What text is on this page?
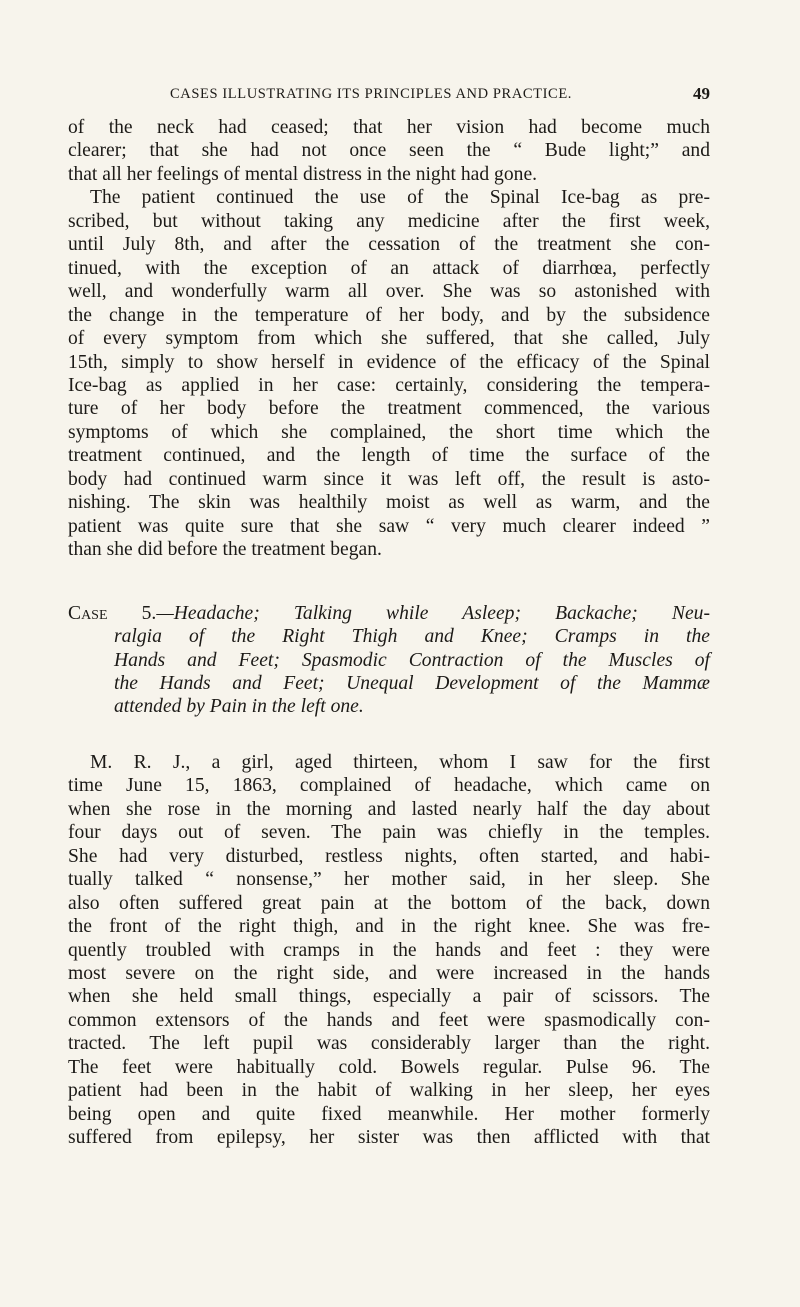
CASES ILLUSTRATING ITS PRINCIPLES AND PRACTICE.	49

of the neck had ceased; that her vision had become much
clearer; that she had not once seen the “ Bude light;” and
that all her feelings of mental distress in the night had gone.

The patient continued the use of the Spinal Ice-bag as pre-
scribed, but without taking any medicine after the first week,
until July 8th, and after the cessation of the treatment she con-
tinued, with the exception of an attack of diarrhœa, perfectly
well, and wonderfully warm all over. She was so astonished with
the change in the temperature of her body, and by the subsidence
of every symptom from which she suffered, that she called, July
15th, simply to show herself in evidence of the efficacy of the Spinal
Ice-bag as applied in her case: certainly, considering the tempera-
ture of her body before the treatment commenced, the various
symptoms of which she complained, the short time which the
treatment continued, and the length of time the surface of the
body had continued warm since it was left off, the result is asto-
nishing. The skin was healthily moist as well as warm, and the
patient was quite sure that she saw “ very much clearer indeed ”
than she did before the treatment began.

Case 5.—Headache; Talking while Asleep; Backache; Neu-
ralgia of the Right Thigh and Knee; Cramps in the
Hands and Feet; Spasmodic Contraction of the Muscles of
the Hands and Feet; Unequal Development of the Mammæ
attended by Pain in the left one.

M. R. J., a girl, aged thirteen, whom I saw for the first
time June 15, 1863, complained of headache, which came on
when she rose in the morning and lasted nearly half the day about
four days out of seven. The pain was chiefly in the temples.
She had very disturbed, restless nights, often started, and habi-
tually talked “ nonsense,” her mother said, in her sleep. She
also often suffered great pain at the bottom of the back, down
the front of the right thigh, and in the right knee. She was fre-
quently troubled with cramps in the hands and feet : they were
most severe on the right side, and were increased in the hands
when she held small things, especially a pair of scissors. The
common extensors of the hands and feet were spasmodically con-
tracted. The left pupil was considerably larger than the right.
The feet were habitually cold. Bowels regular. Pulse 96. The
patient had been in the habit of walking in her sleep, her eyes
being open and quite fixed meanwhile. Her mother formerly
suffered from epilepsy, her sister was then afflicted with that
